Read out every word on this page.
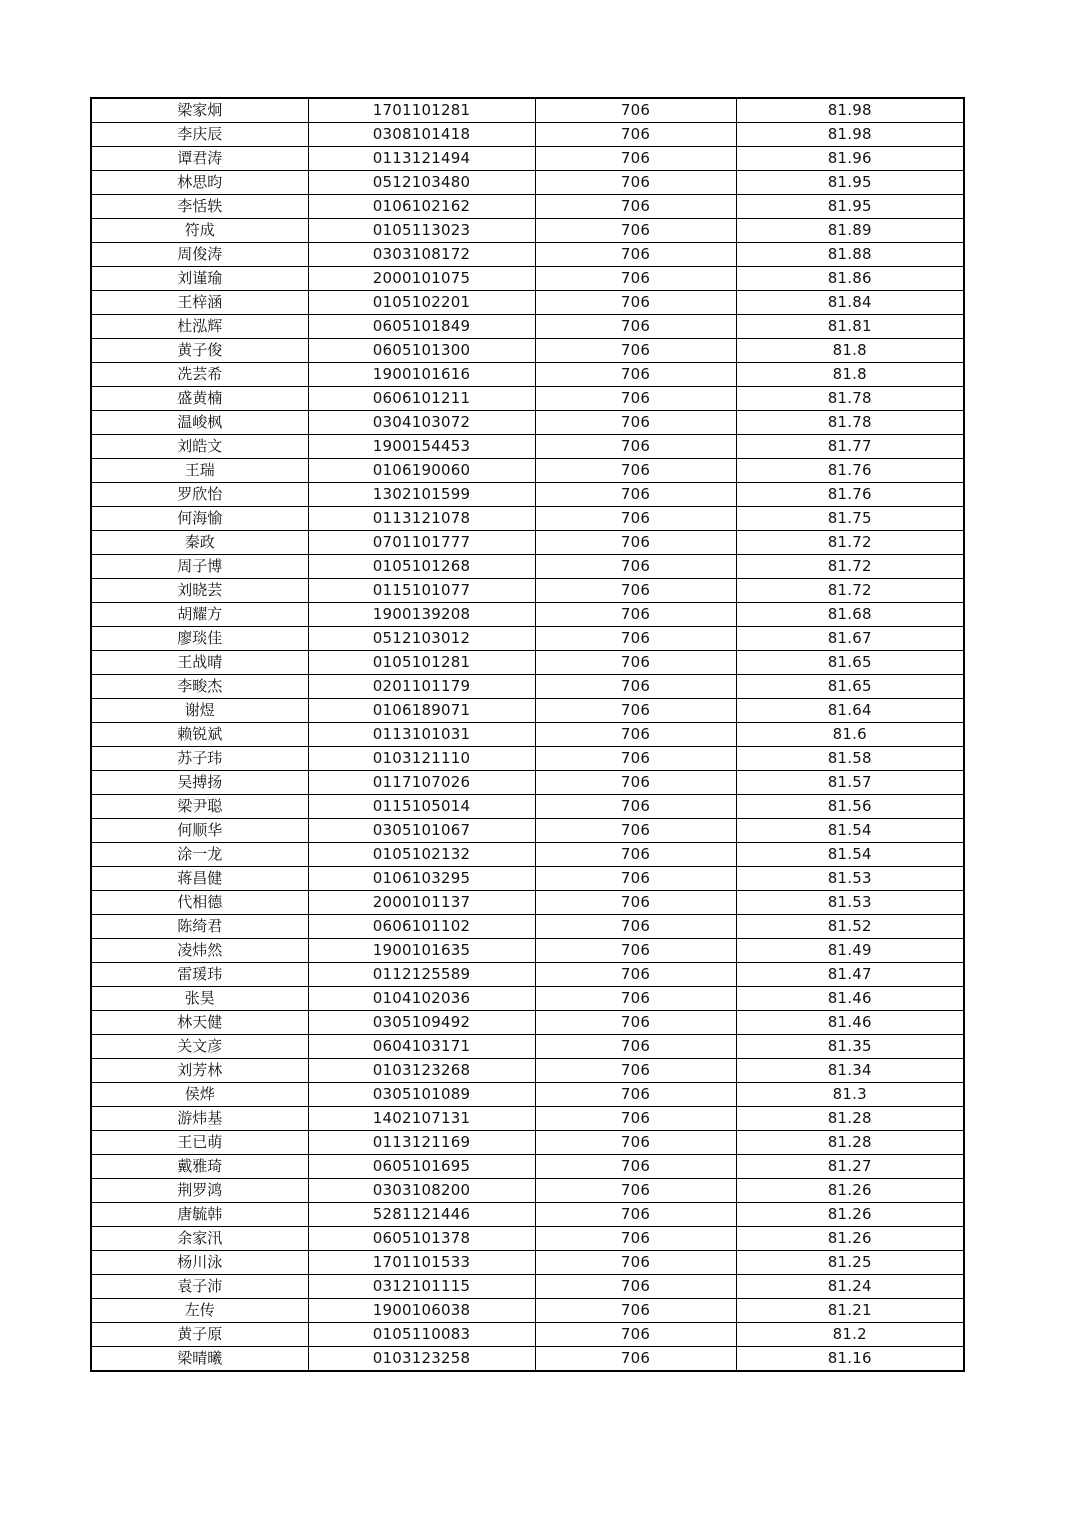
梁家炯	1701101281	706	81.98
李庆辰	0308101418	706	81.98
谭君涛	0113121494	706	81.96
林思昀	0512103480	706	81.95
李恬轶	0106102162	706	81.95
符成	0105113023	706	81.89
周俊涛	0303108172	706	81.88
刘谨瑜	2000101075	706	81.86
王梓涵	0105102201	706	81.84
杜泓辉	0605101849	706	81.81
黄子俊	0605101300	706	81.8
冼芸希	1900101616	706	81.8
盛黄楠	0606101211	706	81.78
温峻枫	0304103072	706	81.78
刘皓文	1900154453	706	81.77
王瑞	0106190060	706	81.76
罗欣怡	1302101599	706	81.76
何海愉	0113121078	706	81.75
秦政	0701101777	706	81.72
周子博	0105101268	706	81.72
刘晓芸	0115101077	706	81.72
胡耀方	1900139208	706	81.68
廖琰佳	0512103012	706	81.67
王战晴	0105101281	706	81.65
李畯杰	0201101179	706	81.65
谢煜	0106189071	706	81.64
赖锐斌	0113101031	706	81.6
苏子玮	0103121110	706	81.58
吴搏扬	0117107026	706	81.57
梁尹聪	0115105014	706	81.56
何顺华	0305101067	706	81.54
涂一龙	0105102132	706	81.54
蒋昌健	0106103295	706	81.53
代相德	2000101137	706	81.53
陈绮君	0606101102	706	81.52
凌炜然	1900101635	706	81.49
雷瑗玮	0112125589	706	81.47
张昊	0104102036	706	81.46
林天健	0305109492	706	81.46
关文彦	0604103171	706	81.35
刘芳林	0103123268	706	81.34
侯烨	0305101089	706	81.3
游炜基	1402107131	706	81.28
王已萌	0113121169	706	81.28
戴雅琦	0605101695	706	81.27
荆罗鸿	0303108200	706	81.26
唐毓韩	5281121446	706	81.26
余家汛	0605101378	706	81.26
杨川泳	1701101533	706	81.25
袁子沛	0312101115	706	81.24
左传	1900106038	706	81.21
黄子原	0105110083	706	81.2
梁晴曦	0103123258	706	81.16
